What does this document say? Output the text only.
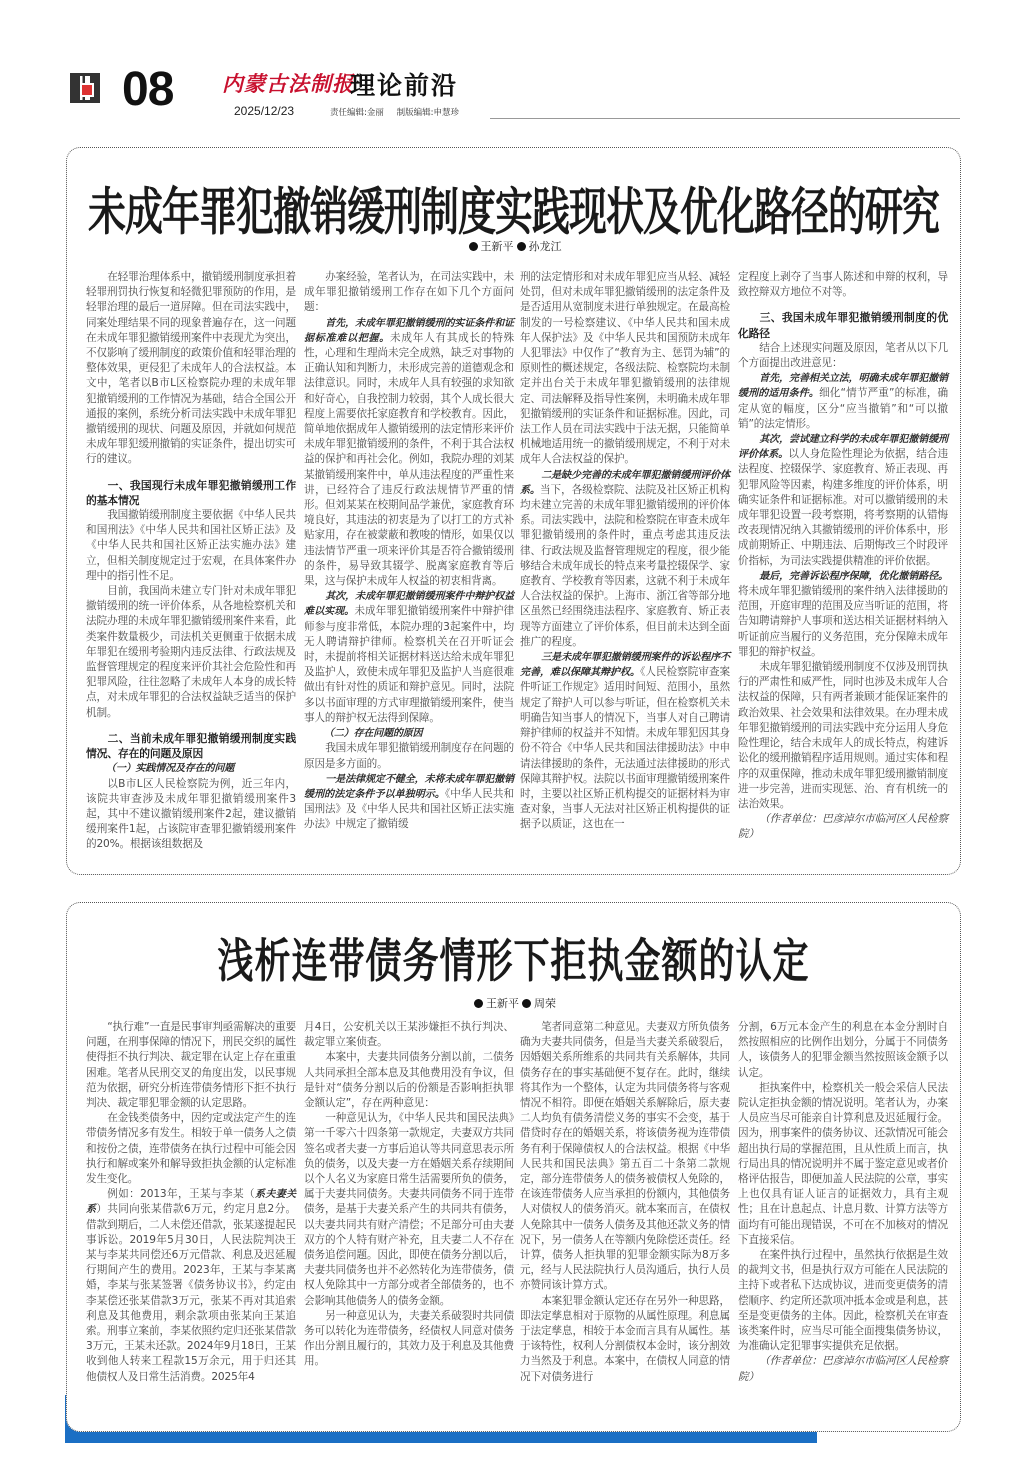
08 内蒙古法制报
2025/12/23
理论前沿
责任编辑:金丽 制版编辑:申慧珍
未成年罪犯撤销缓刑制度实践现状及优化路径的研究
王新平 孙龙江

在轻罪治理体系中，撤销缓刑制度承担着轻罪刑罚执行恢复和轻微犯罪预防的作用，是轻罪治理的最后一道屏障。但在司法实践中，同案处理结果不同的现象普遍存在，这一问题在未成年罪犯撤销缓刑案件中表现尤为突出，不仅影响了缓刑制度的政策价值和轻罪治理的整体效果，更侵犯了未成年人的合法权益。本文中，笔者以B市L区检察院办理的未成年罪犯撤销缓刑的工作情况为基础，结合全国公开通报的案例，系统分析司法实践中未成年罪犯撤销缓刑的现状、问题及原因，并就如何规范未成年罪犯缓刑撤销的实证条件，提出切实可行的建议。

一、我国现行未成年罪犯撤销缓刑工作的基本情况

我国撤销缓刑制度主要依据《中华人民共和国刑法》《中华人民共和国社区矫正法》及《中华人民共和国社区矫正法实施办法》建立，但相关制度规定过于宏观，在具体案件办理中的指引性不足。

目前，我国尚未建立专门针对未成年罪犯撤销缓刑的统一评价体系，从各地检察机关和法院办理的未成年罪犯撤销缓刑案件来看，此类案件数量极少，司法机关更侧重于依据未成年罪犯在缓刑考验期内违反法律、行政法规及监督管理规定的程度来评价其社会危险性和再犯罪风险，往往忽略了未成年人本身的成长特点，对未成年罪犯的合法权益缺乏适当的保护机制。

二、当前未成年罪犯撤销缓刑制度实践情况、存在的问题及原因

（一）实践情况及存在的问题

以B市L区人民检察院为例，近三年内，该院共审查涉及未成年罪犯撤销缓刑案件3起，其中不建议撤销缓刑案件2起，建议撤销缓刑案件1起，占该院审查罪犯撤销缓刑案件的20%。根据该组数据及

办案经验，笔者认为，在司法实践中，未成年罪犯撤销缓刑工作存在如下几个方面问题：

首先，未成年罪犯撤销缓刑的实证条件和证据标准难以把握。未成年人有其成长的特殊性，心理和生理尚未完全成熟，缺乏对事物的正确认知和判断力，未形成完善的道德观念和法律意识。同时，未成年人具有较强的求知欲和好奇心，自我控制力较弱，其个人成长很大程度上需要依托家庭教育和学校教育。因此，简单地依据成年人撤销缓刑的法定情形来评价未成年罪犯撤销缓刑的条件，不利于其合法权益的保护和再社会化。例如，我院办理的刘某某撤销缓刑案件中，单从违法程度的严重性来讲，已经符合了违反行政法规情节严重的情形。但刘某某在校期间品学兼优，家庭教育环境良好，其违法的初衷是为了以打工的方式补贴家用，存在被蒙蔽和教唆的情形，如果仅以违法情节严重一项来评价其是否符合撤销缓刑的条件，易导致其辍学、脱离家庭教育等后果，这与保护未成年人权益的初衷相背离。

其次，未成年罪犯撤销缓刑案件中辩护权益难以实现。未成年罪犯撤销缓刑案件中辩护律师参与度非常低，本院办理的3起案件中，均无人聘请辩护律师。检察机关在召开听证会时，未提前将相关证据材料送达给未成年罪犯及监护人，致使未成年罪犯及监护人当庭很难做出有针对性的质证和辩护意见。同时，法院多以书面审理的方式审理撤销缓刑案件，使当事人的辩护权无法得到保障。

（二）存在问题的原因

我国未成年罪犯撤销缓刑制度存在问题的原因是多方面的。

一是法律规定不健全，未将未成年罪犯撤销缓刑的法定条件予以单独明示。《中华人民共和国刑法》及《中华人民共和国社区矫正法实施办法》中规定了撤销缓

刑的法定情形和对未成年罪犯应当从轻、减轻处罚，但对未成年罪犯撤销缓刑的法定条件及是否适用从宽制度未进行单独规定。在最高检制发的一号检察建议、《中华人民共和国未成年人保护法》及《中华人民共和国预防未成年人犯罪法》中仅作了“教育为主、惩罚为辅”的原则性的概述规定，各级法院、检察院均未制定并出台关于未成年罪犯撤销缓刑的法律规定、司法解释及指导性案例，未明确未成年罪犯撤销缓刑的实证条件和证据标准。因此，司法工作人员在司法实践中于法无据，只能简单机械地适用统一的撤销缓刑规定，不利于对未成年人合法权益的保护。

二是缺少完善的未成年罪犯撤销缓刑评价体系。当下，各级检察院、法院及社区矫正机构均未建立完善的未成年罪犯撤销缓刑的评价体系。司法实践中，法院和检察院在审查未成年罪犯撤销缓刑的条件时，重点考虑其违反法律、行政法规及监督管理规定的程度，很少能够结合未成年成长的特点来考量控辍保学、家庭教育、学校教育等因素，这就不利于未成年人合法权益的保护。上海市、浙江省等部分地区虽然已经围绕违法程序、家庭教育、矫正表现等方面建立了评价体系，但目前未达到全面推广的程度。

三是未成年罪犯撤销缓刑案件的诉讼程序不完善，难以保障其辩护权。《人民检察院审查案件听证工作规定》适用时间短、范围小，虽然规定了辩护人可以参与听证，但在检察机关未明确告知当事人的情况下，当事人对自己聘请辩护律师的权益并不知情。未成年罪犯因其身份不符合《中华人民共和国法律援助法》中申请法律援助的条件，无法通过法律援助的形式保障其辩护权。法院以书面审理撤销缓刑案件时，主要以社区矫正机构提交的证据材料为审查对象，当事人无法对社区矫正机构提供的证据予以质证，这也在一

定程度上剥夺了当事人陈述和申辩的权利，导致控辩双方地位不对等。

三、我国未成年罪犯撤销缓刑制度的优化路径

结合上述现实问题及原因，笔者从以下几个方面提出改进意见：

首先，完善相关立法，明确未成年罪犯撤销缓刑的适用条件。细化“情节严重”的标准，确定从宽的幅度，区分“应当撤销”和“可以撤销”的法定情形。

其次，尝试建立科学的未成年罪犯撤销缓刑评价体系。以人身危险性理论为依据，结合违法程度、控辍保学、家庭教育、矫正表现、再犯罪风险等因素，构建多维度的评价体系，明确实证条件和证据标准。对可以撤销缓刑的未成年罪犯设置一段考察期，将考察期的认错悔改表现情况纳入其撤销缓刑的评价体系中，形成前期矫正、中期违法、后期悔改三个时段评价指标，为司法实践提供精准的评价依据。

最后，完善诉讼程序保障，优化撤销路径。将未成年罪犯撤销缓刑的案件纳入法律援助的范围，开庭审理的范围及应当听证的范围，将告知聘请辩护人事项和送达相关证据材料纳入听证前应当履行的义务范围，充分保障未成年罪犯的辩护权益。

未成年罪犯撤销缓刑制度不仅涉及刑罚执行的严肃性和威严性，同时也涉及未成年人合法权益的保障，只有两者兼顾才能保证案件的政治效果、社会效果和法律效果。在办理未成年罪犯撤销缓刑的司法实践中充分运用人身危险性理论，结合未成年人的成长特点，构建诉讼化的缓刑撤销程序适用规则。通过实体和程序的双重保障，推动未成年罪犯缓刑撤销制度进一步完善，进而实现惩、治、育有机统一的法治效果。

（作者单位：巴彦淖尔市临河区人民检察院）

浅析连带债务情形下拒执金额的认定
王新平 周荣

“执行难”一直是民事审判亟需解决的重要问题，在刑事保障的情况下，刑民交织的属性使得拒不执行判决、裁定罪在认定上存在重重困难。笔者从民刑交叉的角度出发，以民事规范为依据，研究分析连带债务情形下拒不执行判决、裁定罪犯罪金额的认定思路。

在金钱类债务中，因约定或法定产生的连带债务情况多有发生。相较于单一债务人之债和按份之债，连带债务在执行过程中可能会因执行和解或案外和解导致拒执金额的认定标准发生变化。

例如：2013年，王某与李某（系夫妻关系）共同向张某借款6万元，约定月息2分。借款到期后，二人未偿还借款，张某遂提起民事诉讼。2019年5月30日，人民法院判决王某与李某共同偿还6万元借款、利息及迟延履行期间产生的费用。2023年，王某与李某离婚，李某与张某签署《债务协议书》，约定由李某偿还张某借款3万元，张某不再对其追索利息及其他费用，剩余款项由张某向王某追索。刑事立案前，李某依照约定归还张某借款3万元，王某未还款。2024年9月18日，王某收到他人转来工程款15万余元，用于归还其他债权人及日常生活消费。2025年4

月4日，公安机关以王某涉嫌拒不执行判决、裁定罪立案侦查。

本案中，夫妻共同债务分割以前，二债务人共同承担全部本息及其他费用没有争议，但是针对“债务分割以后的份额是否影响拒执罪金额认定”，存在两种意见：

一种意见认为，《中华人民共和国民法典》第一千零六十四条第一款规定，夫妻双方共同签名或者夫妻一方事后追认等共同意思表示所负的债务，以及夫妻一方在婚姻关系存续期间以个人名义为家庭日常生活需要所负的债务，属于夫妻共同债务。夫妻共同债务不同于连带债务，是基于夫妻关系产生的共同共有债务，以夫妻共同共有财产清偿；不足部分可由夫妻双方的个人特有财产补充，且夫妻二人不存在债务追偿问题。因此，即使在债务分割以后，夫妻共同债务也并不必然转化为连带债务，债权人免除其中一方部分或者全部债务的，也不会影响其他债务人的债务金额。

另一种意见认为，夫妻关系破裂时共同债务可以转化为连带债务，经债权人同意对债务作出分割且履行的，其效力及于利息及其他费用。

笔者同意第二种意见。夫妻双方所负债务确为夫妻共同债务，但是当夫妻关系破裂后，因婚姻关系所维系的共同共有关系解体，共同债务存在的事实基础便不复存在。此时，继续将其作为一个整体，认定为共同债务将与客观情况不相符。即便在婚姻关系解除后，原夫妻二人均负有债务清偿义务的事实不会变，基于借贷时存在的婚姻关系，将该债务视为连带债务有利于保障债权人的合法权益。根据《中华人民共和国民法典》第五百二十条第二款规定，部分连带债务人的债务被债权人免除的，在该连带债务人应当承担的份额内，其他债务人对债权人的债务消灭。就本案而言，在债权人免除其中一债务人债务及其他还款义务的情况下，另一债务人在等额内免除偿还责任。经计算，债务人拒执罪的犯罪金额实际为8万多元，经与人民法院执行人员沟通后，执行人员亦赞同该计算方式。

本案犯罪金额认定还存在另外一种思路，即法定孳息相对于原物的从属性原理。利息属于法定孳息，相较于本金而言具有从属性。基于该特性，权利人分割债权本金时，该分割效力当然及于利息。本案中，在债权人同意的情况下对债务进行

分割，6万元本金产生的利息在本金分割时自然按照相应的比例作出划分，分属于不同债务人，该债务人的犯罪金额当然按照该金额予以认定。

拒执案件中，检察机关一般会采信人民法院认定拒执金额的情况说明。笔者认为，办案人员应当尽可能亲自计算利息及迟延履行金。因为，刑事案件的债务协议、还款情况可能会超出执行局的掌握范围，且从性质上而言，执行局出具的情况说明并不属于鉴定意见或者价格评估报告，即便加盖人民法院的公章，事实上也仅具有证人证言的证据效力，具有主观性；且在计息起点、计息月数、计算方法等方面均有可能出现错误，不可在不加核对的情况下直接采信。

在案件执行过程中，虽然执行依据是生效的裁判文书，但是执行双方可能在人民法院的主持下或者私下达成协议，进而变更债务的清偿顺序、约定所还款项冲抵本金或是利息，甚至是变更债务的主体。因此，检察机关在审查该类案件时，应当尽可能全面搜集债务协议，为准确认定犯罪事实提供充足依据。

（作者单位：巴彦淖尔市临河区人民检察院）
